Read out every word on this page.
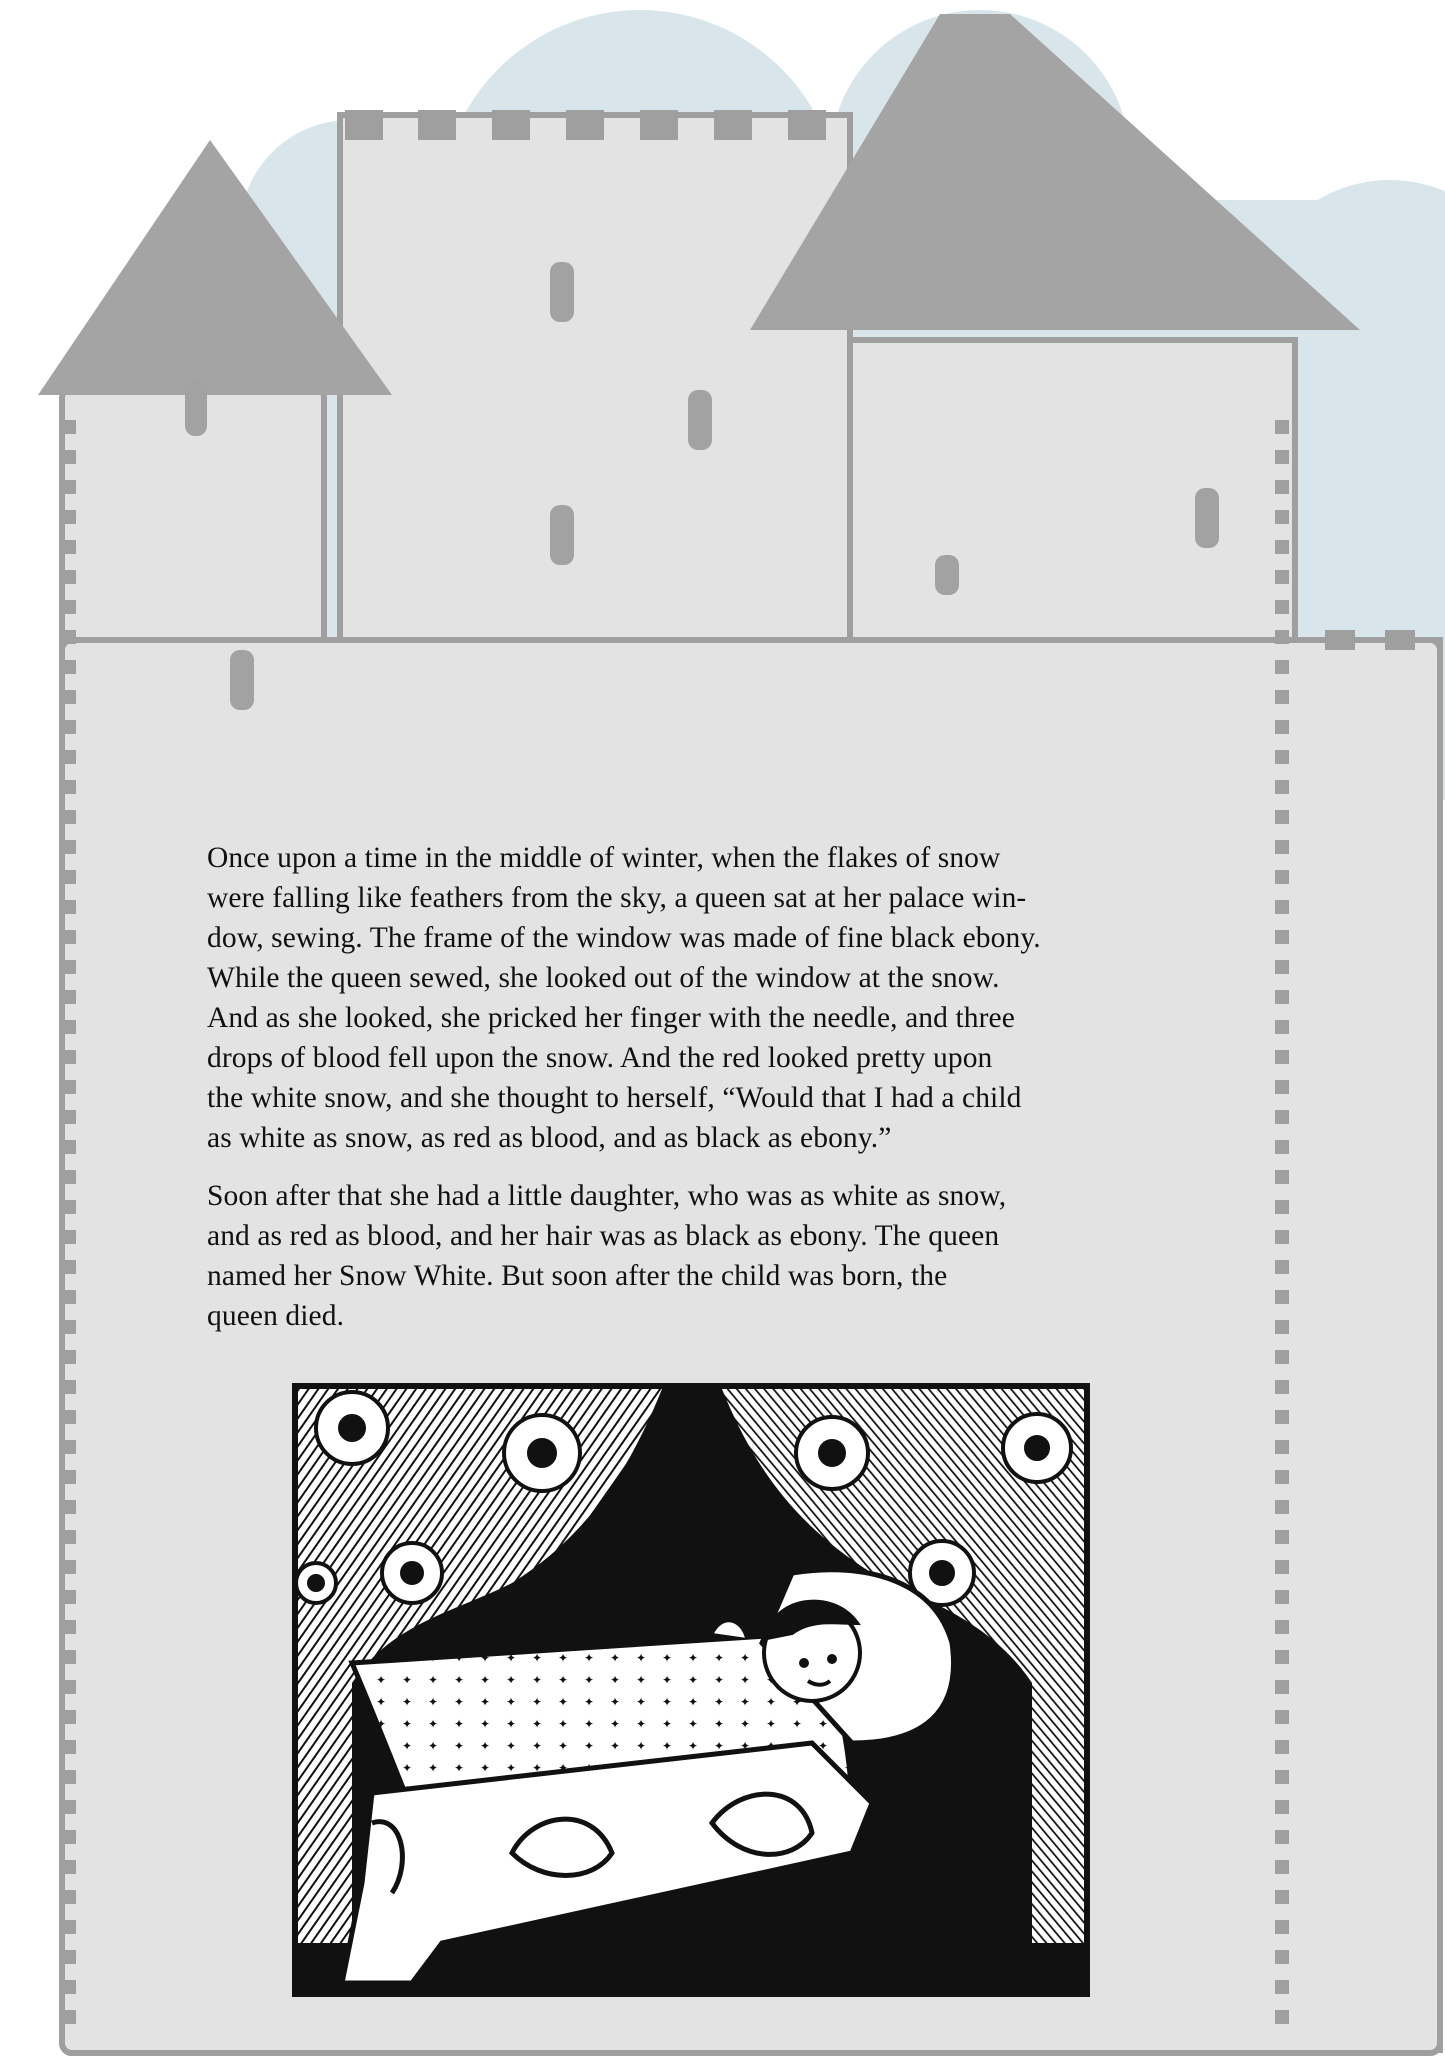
Once upon a time in the middle of winter, when the flakes of snow
were falling like feathers from the sky, a queen sat at her palace win-
dow, sewing. The frame of the window was made of fine black ebony.
While the queen sewed, she looked out of the window at the snow.
And as she looked, she pricked her finger with the needle, and three
drops of blood fell upon the snow. And the red looked pretty upon
the white snow, and she thought to herself, “Would that I had a child
as white as snow, as red as blood, and as black as ebony.”

Soon after that she had a little daughter, who was as white as snow,
and as red as blood, and her hair was as black as ebony. The queen
named her Snow White. But soon after the child was born, the
queen died.
